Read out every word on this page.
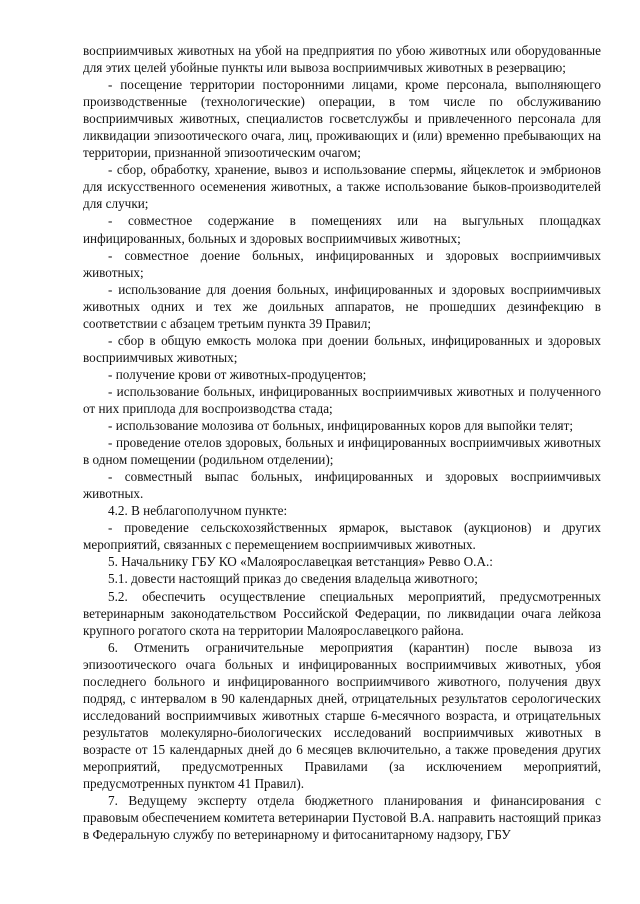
восприимчивых животных на убой на предприятия по убою животных или оборудованные для этих целей убойные пункты или вывоза восприимчивых животных в резервацию;

- посещение территории посторонними лицами, кроме персонала, выполняющего производственные (технологические) операции, в том числе по обслуживанию восприимчивых животных, специалистов госветслужбы и привлеченного персонала для ликвидации эпизоотического очага, лиц, проживающих и (или) временно пребывающих на территории, признанной эпизоотическим очагом;

- сбор, обработку, хранение, вывоз и использование спермы, яйцеклеток и эмбрионов для искусственного осеменения животных, а также использование быков-производителей для случки;

- совместное содержание в помещениях или на выгульных площадках инфицированных, больных и здоровых восприимчивых животных;

- совместное доение больных, инфицированных и здоровых восприимчивых животных;

- использование для доения больных, инфицированных и здоровых восприимчивых животных одних и тех же доильных аппаратов, не прошедших дезинфекцию в соответствии с абзацем третьим пункта 39 Правил;

- сбор в общую емкость молока при доении больных, инфицированных и здоровых восприимчивых животных;

- получение крови от животных-продуцентов;

- использование больных, инфицированных восприимчивых животных и полученного от них приплода для воспроизводства стада;

- использование молозива от больных, инфицированных коров для выпойки телят;

- проведение отелов здоровых, больных и инфицированных восприимчивых животных в одном помещении (родильном отделении);

- совместный выпас больных, инфицированных и здоровых восприимчивых животных.

4.2. В неблагополучном пункте:

- проведение сельскохозяйственных ярмарок, выставок (аукционов) и других мероприятий, связанных с перемещением восприимчивых животных.

5. Начальнику ГБУ КО «Малоярославецкая ветстанция» Ревво О.А.:

5.1. довести настоящий приказ до сведения владельца животного;

5.2. обеспечить осуществление специальных мероприятий, предусмотренных ветеринарным законодательством Российской Федерации, по ликвидации очага лейкоза крупного рогатого скота на территории Малоярославецкого района.

6. Отменить ограничительные мероприятия (карантин) после вывоза из эпизоотического очага больных и инфицированных восприимчивых животных, убоя последнего больного и инфицированного восприимчивого животного, получения двух подряд, с интервалом в 90 календарных дней, отрицательных результатов серологических исследований восприимчивых животных старше 6-месячного возраста, и отрицательных результатов молекулярно-биологических исследований восприимчивых животных в возрасте от 15 календарных дней до 6 месяцев включительно, а также проведения других мероприятий, предусмотренных Правилами (за исключением мероприятий, предусмотренных пунктом 41 Правил).

7. Ведущему эксперту отдела бюджетного планирования и финансирования с правовым обеспечением комитета ветеринарии Пустовой В.А. направить настоящий приказ в Федеральную службу по ветеринарному и фитосанитарному надзору, ГБУ
